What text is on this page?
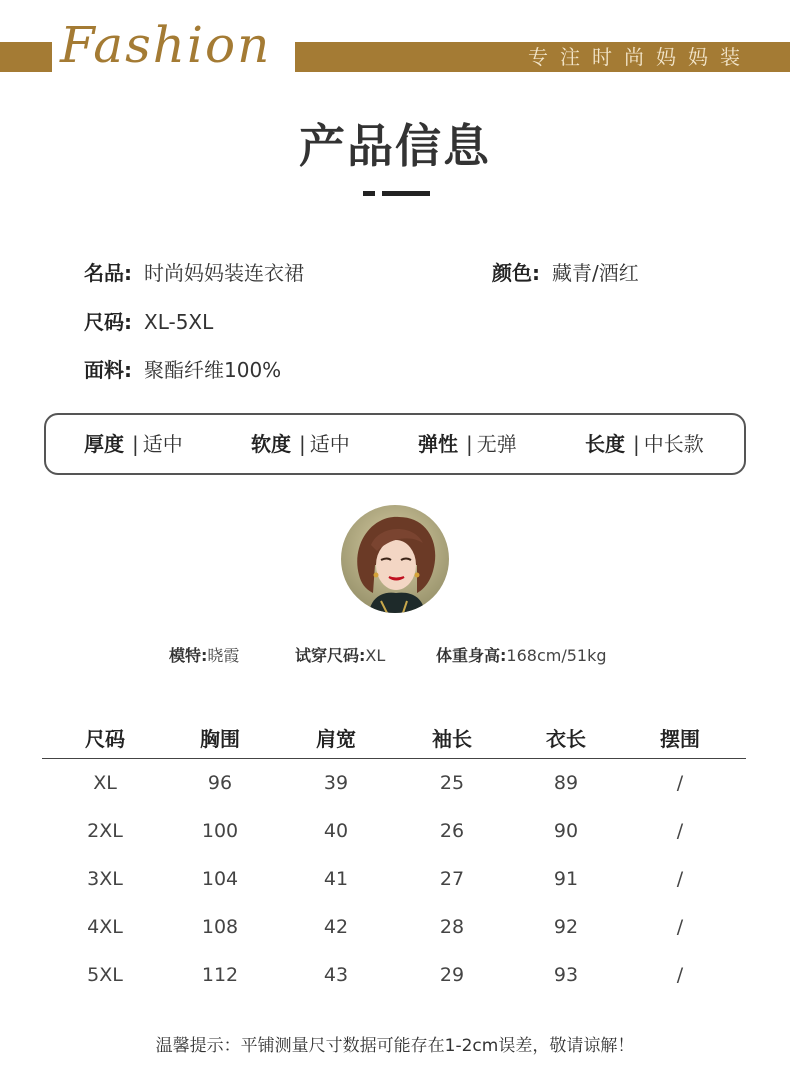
Fashion	专注时尚妈妈装
产品信息
名品: 时尚妈妈装连衣裙	颜色: 藏青/酒红
尺码: XL-5XL
面料: 聚酯纤维100%
厚度 | 适中	软度 | 适中	弹性 | 无弹	长度 | 中长款
模特:晓霞	试穿尺码:XL	体重身高:168cm/51kg
尺码	胸围	肩宽	袖长	衣长	摆围
XL	96	39	25	89	/
2XL	100	40	26	90	/
3XL	104	41	27	91	/
4XL	108	42	28	92	/
5XL	112	43	29	93	/
温馨提示：平铺测量尺寸数据可能存在1-2cm误差，敬请谅解！
